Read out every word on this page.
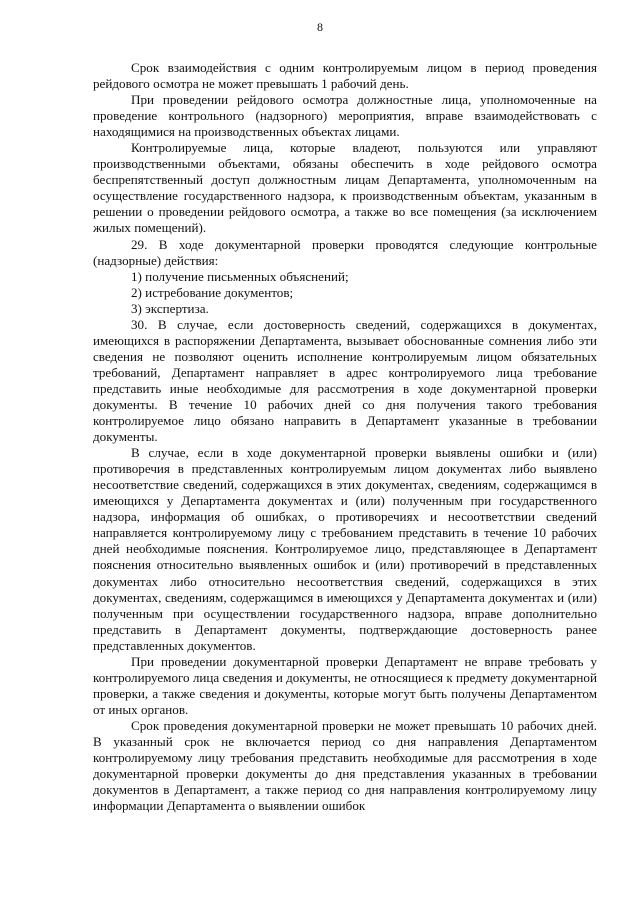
8

Срок взаимодействия с одним контролируемым лицом в период проведения рейдового осмотра не может превышать 1 рабочий день.

При проведении рейдового осмотра должностные лица, уполномоченные на проведение контрольного (надзорного) мероприятия, вправе взаимодействовать с находящимися на производственных объектах лицами.

Контролируемые лица, которые владеют, пользуются или управляют производственными объектами, обязаны обеспечить в ходе рейдового осмотра беспрепятственный доступ должностным лицам Департамента, уполномоченным на осуществление государственного надзора, к производственным объектам, указанным в решении о проведении рейдового осмотра, а также во все помещения (за исключением жилых помещений).

29. В ходе документарной проверки проводятся следующие контрольные (надзорные) действия:

1) получение письменных объяснений;

2) истребование документов;

3) экспертиза.

30. В случае, если достоверность сведений, содержащихся в документах, имеющихся в распоряжении Департамента, вызывает обоснованные сомнения либо эти сведения не позволяют оценить исполнение контролируемым лицом обязательных требований, Департамент направляет в адрес контролируемого лица требование представить иные необходимые для рассмотрения в ходе документарной проверки документы. В течение 10 рабочих дней со дня получения такого требования контролируемое лицо обязано направить в Департамент указанные в требовании документы.

В случае, если в ходе документарной проверки выявлены ошибки и (или) противоречия в представленных контролируемым лицом документах либо выявлено несоответствие сведений, содержащихся в этих документах, сведениям, содержащимся в имеющихся у Департамента документах и (или) полученным при государственного надзора, информация об ошибках, о противоречиях и несоответствии сведений направляется контролируемому лицу с требованием представить в течение 10 рабочих дней необходимые пояснения. Контролируемое лицо, представляющее в Департамент пояснения относительно выявленных ошибок и (или) противоречий в представленных документах либо относительно несоответствия сведений, содержащихся в этих документах, сведениям, содержащимся в имеющихся у Департамента документах и (или) полученным при осуществлении государственного надзора, вправе дополнительно представить в Департамент документы, подтверждающие достоверность ранее представленных документов.

При проведении документарной проверки Департамент не вправе требовать у контролируемого лица сведения и документы, не относящиеся к предмету документарной проверки, а также сведения и документы, которые могут быть получены Департаментом от иных органов.

Срок проведения документарной проверки не может превышать 10 рабочих дней. В указанный срок не включается период со дня направления Департаментом контролируемому лицу требования представить необходимые для рассмотрения в ходе документарной проверки документы до дня представления указанных в требовании документов в Департамент, а также период со дня направления контролируемому лицу информации Департамента о выявлении ошибок
